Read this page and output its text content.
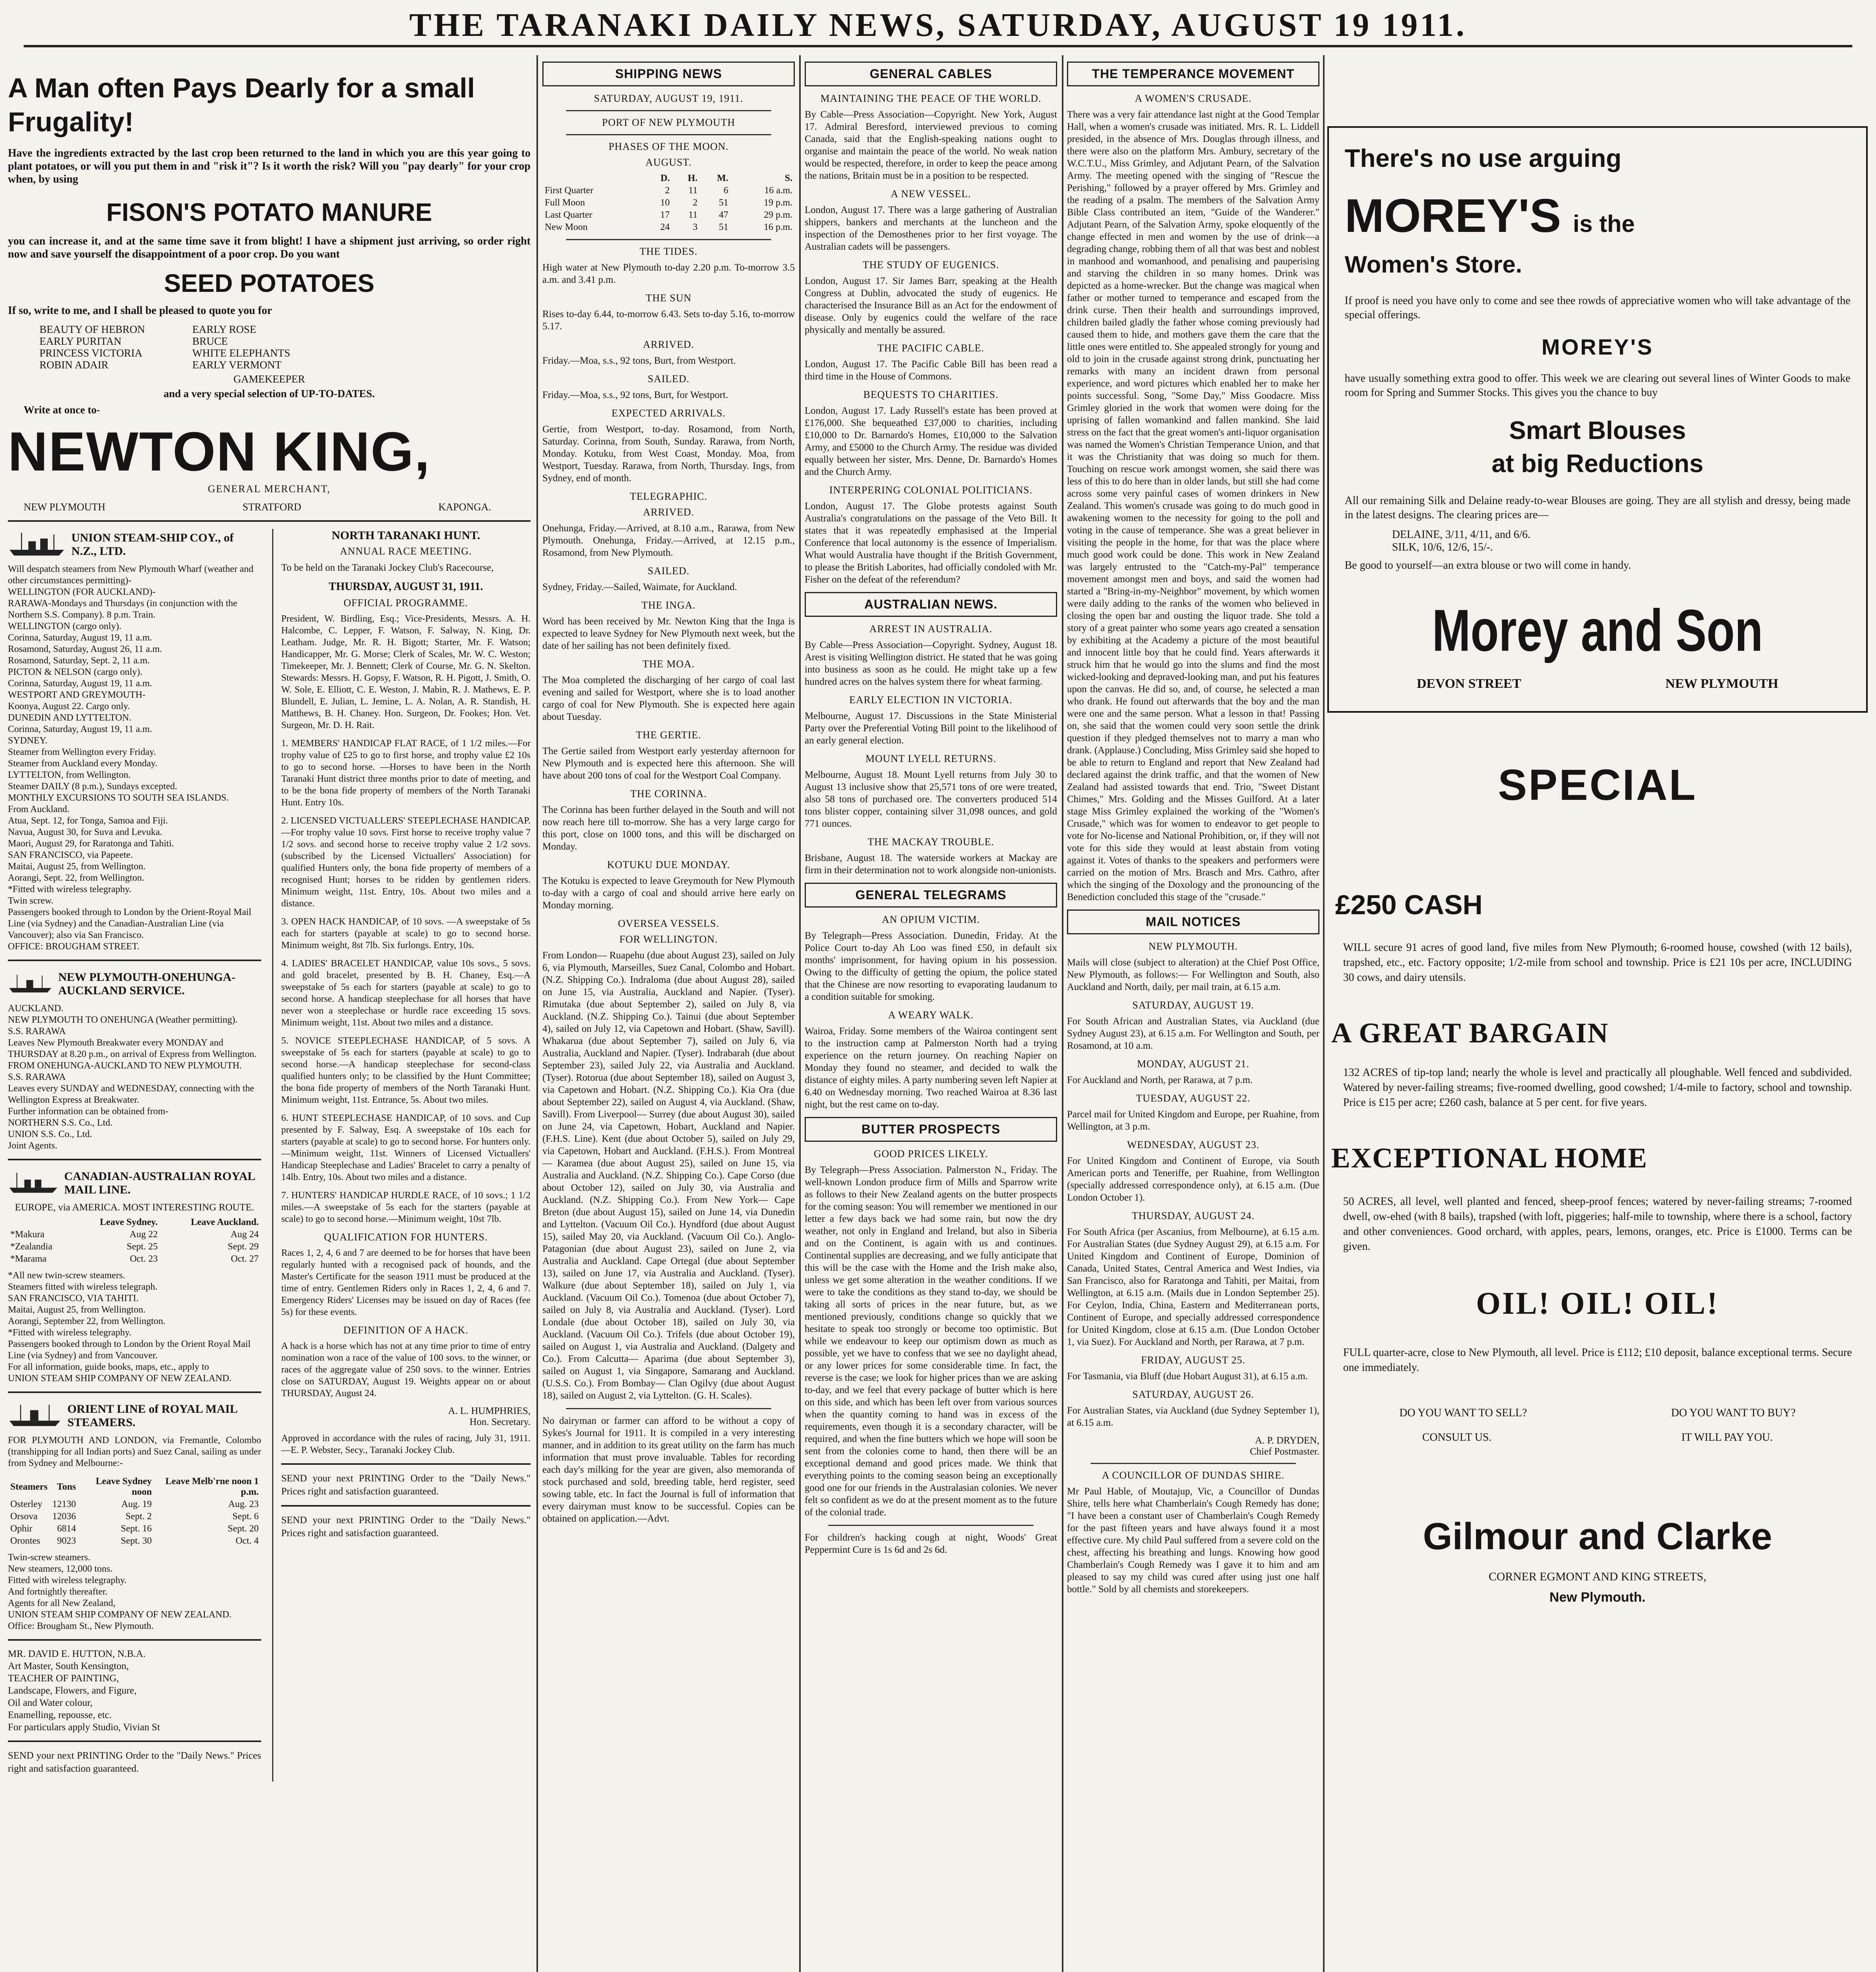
THE TARANAKI DAILY NEWS, SATURDAY, AUGUST 19 1911.
A Man often Pays Dearly for a small Frugality!

Have the ingredients extracted by the last crop been returned to the land in which you are this year going to plant potatoes, or will you put them in and "risk it"? Is it worth the risk? Will you "pay dearly" for your crop when, by using

FISON'S POTATO MANURE

you can increase it, and at the same time save it from blight! I have a shipment just arriving, so order right now and save yourself the disappointment of a poor crop. Do you want

SEED POTATOES

If so, write to me, and I shall be pleased to quote you for

BEAUTY OF HEBRON
EARLY PURITAN
PRINCESS VICTORIA
ROBIN ADAIR
EARLY ROSE
BRUCE
WHITE ELEPHANTS
EARLY VERMONT
GAMEKEEPER
and a very special selection of UP-TO-DATES.
Write at once to-
NEWTON KING,
GENERAL MERCHANT,
NEW PLYMOUTH	STRATFORD	KAPONGA.
UNION STEAM-SHIP COY., of N.Z., LTD.
Will despatch steamers from New Plymouth Wharf (weather and other circumstances permitting)-
WELLINGTON (FOR AUCKLAND)-
RARAWA-Mondays and Thursdays (in conjunction with the Northern S.S. Company). 8 p.m. Train.
WELLINGTON (cargo only).
Corinna, Saturday, August 19, 11 a.m.
Rosamond, Saturday, August 26, 11 a.m.
Rosamond, Saturday, Sept. 2, 11 a.m.
PICTON & NELSON (cargo only).
Corinna, Saturday, August 19, 11 a.m.
WESTPORT AND GREYMOUTH-
Koonya, August 22. Cargo only.
DUNEDIN AND LYTTELTON.
Corinna, Saturday, August 19, 11 a.m.
SYDNEY.
Steamer from Wellington every Friday.
Steamer from Auckland every Monday.
LYTTELTON, from Wellington.
Steamer DAILY (8 p.m.), Sundays excepted.
MONTHLY EXCURSIONS TO SOUTH SEA ISLANDS.
From Auckland.
Atua, Sept. 12, for Tonga, Samoa and Fiji.
Navua, August 30, for Suva and Levuka.
Maori, August 29, for Raratonga and Tahiti.
SAN FRANCISCO, via Papeete.
Maitai, August 25, from Wellington.
Aorangi, Sept. 22, from Wellington.
*Fitted with wireless telegraphy.
Twin screw.
Passengers booked through to London by the Orient-Royal Mail Line (via Sydney) and the Canadian-Australian Line (via Vancouver); also via San Francisco.
OFFICE: BROUGHAM STREET.
NEW PLYMOUTH-ONEHUNGA-AUCKLAND SERVICE.
AUCKLAND.
NEW PLYMOUTH TO ONEHUNGA (Weather permitting).
S.S. RARAWA
Leaves New Plymouth Breakwater every MONDAY and THURSDAY at 8.20 p.m., on arrival of Express from Wellington.
FROM ONEHUNGA-AUCKLAND TO NEW PLYMOUTH.
S.S. RARAWA
Leaves every SUNDAY and WEDNESDAY, connecting with the Wellington Express at Breakwater.
Further information can be obtained from-
NORTHERN S.S. Co., Ltd.
UNION S.S. Co., Ltd.
Joint Agents.
CANADIAN-AUSTRALIAN ROYAL MAIL LINE.
EUROPE, via AMERICA. MOST INTERESTING ROUTE.
	Leave Sydney.	Leave Auckland.
*Makura	Aug 22	Aug 24
*Zealandia	Sept. 25	Sept. 29
*Marama	Oct. 23	Oct. 27
*All new twin-screw steamers.
Steamers fitted with wireless telegraph.
SAN FRANCISCO, VIA TAHITI.
Maitai, August 25, from Wellington.
Aorangi, September 22, from Wellington.
*Fitted with wireless telegraphy.
Passengers booked through to London by the Orient Royal Mail Line (via Sydney) and from Vancouver.
For all information, guide books, maps, etc., apply to
UNION STEAM SHIP COMPANY OF NEW ZEALAND.
ORIENT LINE of ROYAL MAIL STEAMERS.

FOR PLYMOUTH AND LONDON, via Fremantle, Colombo (transhipping for all Indian ports) and Suez Canal, sailing as under from Sydney and Melbourne:-

Steamers	Tons	Leave Sydney noon	Leave Melb'rne noon 1 p.m.
Osterley	12130	Aug. 19	Aug. 23
Orsova	12036	Sept. 2	Sept. 6
Ophir	6814	Sept. 16	Sept. 20
Orontes	9023	Sept. 30	Oct. 4
Twin-screw steamers.
New steamers, 12,000 tons.
Fitted with wireless telegraphy.
And fortnightly thereafter.
Agents for all New Zealand,
UNION STEAM SHIP COMPANY OF NEW ZEALAND.
Office: Brougham St., New Plymouth.
MR. DAVID E. HUTTON, N.B.A.
Art Master, South Kensington,
TEACHER OF PAINTING,
Landscape, Flowers, and Figure,
Oil and Water colour,
Enamelling, repousse, etc.
For particulars apply Studio, Vivian St

SEND your next PRINTING Order to the "Daily News." Prices right and satisfaction guaranteed.

NORTH TARANAKI HUNT.
ANNUAL RACE MEETING.

To be held on the Taranaki Jockey Club's Racecourse,

THURSDAY, AUGUST 31, 1911.
OFFICIAL PROGRAMME.

President, W. Birdling, Esq.; Vice-Presidents, Messrs. A. H. Halcombe, C. Lepper, F. Watson, F. Salway, N. King, Dr. Leatham. Judge, Mr. R. H. Bigott; Starter, Mr. F. Watson; Handicapper, Mr. G. Morse; Clerk of Scales, Mr. W. C. Weston; Timekeeper, Mr. J. Bennett; Clerk of Course, Mr. G. N. Skelton. Stewards: Messrs. H. Gopsy, F. Watson, R. H. Pigott, J. Smith, O. W. Sole, E. Elliott, C. E. Weston, J. Mabin, R. J. Mathews, E. P. Blundell, E. Julian, L. Jemine, L. A. Nolan, A. R. Standish, H. Matthews, B. H. Chaney. Hon. Surgeon, Dr. Fookes; Hon. Vet. Surgeon, Mr. D. H. Rait.

1. MEMBERS' HANDICAP FLAT RACE, of 1 1/2 miles.—For trophy value of £25 to go to first horse, and trophy value £2 10s to go to second horse. —Horses to have been in the North Taranaki Hunt district three months prior to date of meeting, and to be the bona fide property of members of the North Taranaki Hunt. Entry 10s.

2. LICENSED VICTUALLERS' STEEPLECHASE HANDICAP.—For trophy value 10 sovs. First horse to receive trophy value 7 1/2 sovs. and second horse to receive trophy value 2 1/2 sovs. (subscribed by the Licensed Victuallers' Association) for qualified Hunters only, the bona fide property of members of a recognised Hunt; horses to be ridden by gentlemen riders. Minimum weight, 11st. Entry, 10s. About two miles and a distance.

3. OPEN HACK HANDICAP, of 10 sovs. —A sweepstake of 5s each for starters (payable at scale) to go to second horse. Minimum weight, 8st 7lb. Six furlongs. Entry, 10s.

4. LADIES' BRACELET HANDICAP, value 10s sovs., 5 sovs. and gold bracelet, presented by B. H. Chaney, Esq.—A sweepstake of 5s each for starters (payable at scale) to go to second horse. A handicap steeplechase for all horses that have never won a steeplechase or hurdle race exceeding 15 sovs. Minimum weight, 11st. About two miles and a distance.

5. NOVICE STEEPLECHASE HANDICAP, of 5 sovs. A sweepstake of 5s each for starters (payable at scale) to go to second horse.—A handicap steeplechase for second-class qualified hunters only; to be classified by the Hunt Committee; the bona fide property of members of the North Taranaki Hunt. Minimum weight, 11st. Entrance, 5s. About two miles.

6. HUNT STEEPLECHASE HANDICAP, of 10 sovs. and Cup presented by F. Salway, Esq. A sweepstake of 10s each for starters (payable at scale) to go to second horse. For hunters only.—Minimum weight, 11st. Winners of Licensed Victuallers' Handicap Steeplechase and Ladies' Bracelet to carry a penalty of 14lb. Entry, 10s. About two miles and a distance.

7. HUNTERS' HANDICAP HURDLE RACE, of 10 sovs.; 1 1/2 miles.—A sweepstake of 5s each for the starters (payable at scale) to go to second horse.—Minimum weight, 10st 7lb.

QUALIFICATION FOR HUNTERS.

Races 1, 2, 4, 6 and 7 are deemed to be for horses that have been regularly hunted with a recognised pack of hounds, and the Master's Certificate for the season 1911 must be produced at the time of entry. Gentlemen Riders only in Races 1, 2, 4, 6 and 7. Emergency Riders' Licenses may be issued on day of Races (fee 5s) for these events.

DEFINITION OF A HACK.

A hack is a horse which has not at any time prior to time of entry nomination won a race of the value of 100 sovs. to the winner, or races of the aggregate value of 250 sovs. to the winner. Entries close on SATURDAY, August 19. Weights appear on or about THURSDAY, August 24.

A. L. HUMPHRIES,
Hon. Secretary.

Approved in accordance with the rules of racing, July 31, 1911.—E. P. Webster, Secy., Taranaki Jockey Club.

SEND your next PRINTING Order to the "Daily News." Prices right and satisfaction guaranteed.

SEND your next PRINTING Order to the "Daily News." Prices right and satisfaction guaranteed.

SHIPPING NEWS
SATURDAY, AUGUST 19, 1911.
PORT OF NEW PLYMOUTH
PHASES OF THE MOON.
AUGUST.
	D.	H.	M.	S.
First Quarter	2	11	6	16 a.m.
Full Moon	10	2	51	19 p.m.
Last Quarter	17	11	47	29 p.m.
New Moon	24	3	51	16 p.m.
THE TIDES.

High water at New Plymouth to-day 2.20 p.m. To-morrow 3.5 a.m. and 3.41 p.m.

THE SUN

Rises to-day 6.44, to-morrow 6.43. Sets to-day 5.16, to-morrow 5.17.

ARRIVED.

Friday.—Moa, s.s., 92 tons, Burt, from Westport.

SAILED.

Friday.—Moa, s.s., 92 tons, Burt, for Westport.

EXPECTED ARRIVALS.

Gertie, from Westport, to-day. Rosamond, from North, Saturday. Corinna, from South, Sunday. Rarawa, from North, Monday. Kotuku, from West Coast, Monday. Moa, from Westport, Tuesday. Rarawa, from North, Thursday. Ings, from Sydney, end of month.

TELEGRAPHIC.
ARRIVED.

Onehunga, Friday.—Arrived, at 8.10 a.m., Rarawa, from New Plymouth. Onehunga, Friday.—Arrived, at 12.15 p.m., Rosamond, from New Plymouth.

SAILED.

Sydney, Friday.—Sailed, Waimate, for Auckland.

THE INGA.

Word has been received by Mr. Newton King that the Inga is expected to leave Sydney for New Plymouth next week, but the date of her sailing has not been definitely fixed.

THE MOA.

The Moa completed the discharging of her cargo of coal last evening and sailed for Westport, where she is to load another cargo of coal for New Plymouth. She is expected here again about Tuesday.

THE GERTIE.

The Gertie sailed from Westport early yesterday afternoon for New Plymouth and is expected here this afternoon. She will have about 200 tons of coal for the Westport Coal Company.

THE CORINNA.

The Corinna has been further delayed in the South and will not now reach here till to-morrow. She has a very large cargo for this port, close on 1000 tons, and this will be discharged on Monday.

KOTUKU DUE MONDAY.

The Kotuku is expected to leave Greymouth for New Plymouth to-day with a cargo of coal and should arrive here early on Monday morning.

OVERSEA VESSELS.
FOR WELLINGTON.

From London— Ruapehu (due about August 23), sailed on July 6, via Plymouth, Marseilles, Suez Canal, Colombo and Hobart. (N.Z. Shipping Co.). Indraloma (due about August 28), sailed on June 15, via Australia, Auckland and Napier. (Tyser). Rimutaka (due about September 2), sailed on July 8, via Auckland. (N.Z. Shipping Co.). Tainui (due about September 4), sailed on July 12, via Capetown and Hobart. (Shaw, Savill). Whakarua (due about September 7), sailed on July 6, via Australia, Auckland and Napier. (Tyser). Indrabarah (due about September 23), sailed July 22, via Australia and Auckland. (Tyser). Rotorua (due about September 18), sailed on August 3, via Capetown and Hobart. (N.Z. Shipping Co.). Kia Ora (due about September 22), sailed on August 4, via Auckland. (Shaw, Savill). From Liverpool— Surrey (due about August 30), sailed on June 24, via Capetown, Hobart, Auckland and Napier. (F.H.S. Line). Kent (due about October 5), sailed on July 29, via Capetown, Hobart and Auckland. (F.H.S.). From Montreal— Karamea (due about August 25), sailed on June 15, via Australia and Auckland. (N.Z. Shipping Co.). Cape Corso (due about October 12), sailed on July 30, via Australia and Auckland. (N.Z. Shipping Co.). From New York— Cape Breton (due about August 15), sailed on June 14, via Dunedin and Lyttelton. (Vacuum Oil Co.). Hyndford (due about August 15), sailed May 20, via Auckland. (Vacuum Oil Co.). Anglo-Patagonian (due about August 23), sailed on June 2, via Australia and Auckland. Cape Ortegal (due about September 13), sailed on June 17, via Australia and Auckland. (Tyser). Walkure (due about September 18), sailed on July 1, via Auckland. (Vacuum Oil Co.). Tomenoa (due about October 7), sailed on July 8, via Australia and Auckland. (Tyser). Lord Londale (due about October 18), sailed on July 30, via Auckland. (Vacuum Oil Co.). Trifels (due about October 19), sailed on August 1, via Australia and Auckland. (Dalgety and Co.). From Calcutta— Aparima (due about September 3), sailed on August 1, via Singapore, Samarang and Auckland. (U.S.S. Co.). From Bombay— Clan Ogilvy (due about August 18), sailed on August 2, via Lyttelton. (G. H. Scales).

No dairyman or farmer can afford to be without a copy of Sykes's Journal for 1911. It is compiled in a very interesting manner, and in addition to its great utility on the farm has much information that must prove invaluable. Tables for recording each day's milking for the year are given, also memoranda of stock purchased and sold, breeding table, herd register, seed sowing table, etc. In fact the Journal is full of information that every dairyman must know to be successful. Copies can be obtained on application.—Advt.

GENERAL CABLES
MAINTAINING THE PEACE OF THE WORLD.

By Cable—Press Association—Copyright. New York, August 17. Admiral Beresford, interviewed previous to coming Canada, said that the English-speaking nations ought to organise and maintain the peace of the world. No weak nation would be respected, therefore, in order to keep the peace among the nations, Britain must be in a position to be respected.

A NEW VESSEL.

London, August 17. There was a large gathering of Australian shippers, bankers and merchants at the luncheon and the inspection of the Demosthenes prior to her first voyage. The Australian cadets will be passengers.

THE STUDY OF EUGENICS.

London, August 17. Sir James Barr, speaking at the Health Congress at Dublin, advocated the study of eugenics. He characterised the Insurance Bill as an Act for the endowment of disease. Only by eugenics could the welfare of the race physically and mentally be assured.

THE PACIFIC CABLE.

London, August 17. The Pacific Cable Bill has been read a third time in the House of Commons.

BEQUESTS TO CHARITIES.

London, August 17. Lady Russell's estate has been proved at £176,000. She bequeathed £37,000 to charities, including £10,000 to Dr. Barnardo's Homes, £10,000 to the Salvation Army, and £5000 to the Church Army. The residue was divided equally between her sister, Mrs. Denne, Dr. Barnardo's Homes and the Church Army.

INTERPERING COLONIAL POLITICIANS.

London, August 17. The Globe protests against South Australia's congratulations on the passage of the Veto Bill. It states that it was repeatedly emphasised at the Imperial Conference that local autonomy is the essence of Imperialism. What would Australia have thought if the British Government, to please the British Laborites, had officially condoled with Mr. Fisher on the defeat of the referendum?

AUSTRALIAN NEWS.
ARREST IN AUSTRALIA.

By Cable—Press Association—Copyright. Sydney, August 18. Arest is visiting Wellington district. He stated that he was going into business as soon as he could. He might take up a few hundred acres on the halves system there for wheat farming.

EARLY ELECTION IN VICTORIA.

Melbourne, August 17. Discussions in the State Ministerial Party over the Preferential Voting Bill point to the likelihood of an early general election.

MOUNT LYELL RETURNS.

Melbourne, August 18. Mount Lyell returns from July 30 to August 13 inclusive show that 25,571 tons of ore were treated, also 58 tons of purchased ore. The converters produced 514 tons blister copper, containing silver 31,098 ounces, and gold 771 ounces.

THE MACKAY TROUBLE.

Brisbane, August 18. The waterside workers at Mackay are firm in their determination not to work alongside non-unionists.

GENERAL TELEGRAMS
AN OPIUM VICTIM.

By Telegraph—Press Association. Dunedin, Friday. At the Police Court to-day Ah Loo was fined £50, in default six months' imprisonment, for having opium in his possession. Owing to the difficulty of getting the opium, the police stated that the Chinese are now resorting to evaporating laudanum to a condition suitable for smoking.

A WEARY WALK.

Wairoa, Friday. Some members of the Wairoa contingent sent to the instruction camp at Palmerston North had a trying experience on the return journey. On reaching Napier on Monday they found no steamer, and decided to walk the distance of eighty miles. A party numbering seven left Napier at 6.40 on Wednesday morning. Two reached Wairoa at 8.36 last night, but the rest came on to-day.

BUTTER PROSPECTS
GOOD PRICES LIKELY.

By Telegraph—Press Association. Palmerston N., Friday. The well-known London produce firm of Mills and Sparrow write as follows to their New Zealand agents on the butter prospects for the coming season: You will remember we mentioned in our letter a few days back we had some rain, but now the dry weather, not only in England and Ireland, but also in Siberia and on the Continent, is again with us and continues. Continental supplies are decreasing, and we fully anticipate that this will be the case with the Home and the Irish make also, unless we get some alteration in the weather conditions. If we were to take the conditions as they stand to-day, we should be taking all sorts of prices in the near future, but, as we mentioned previously, conditions change so quickly that we hesitate to speak too strongly or become too optimistic. But while we endeavour to keep our optimism down as much as possible, yet we have to confess that we see no daylight ahead, or any lower prices for some considerable time. In fact, the reverse is the case; we look for higher prices than we are asking to-day, and we feel that every package of butter which is here on this side, and which has been left over from various sources when the quantity coming to hand was in excess of the requirements, even though it is a secondary character, will be required, and when the fine butters which we hope will soon be sent from the colonies come to hand, then there will be an exceptional demand and good prices made. We think that everything points to the coming season being an exceptionally good one for our friends in the Australasian colonies. We never felt so confident as we do at the present moment as to the future of the colonial trade.

For children's hacking cough at night, Woods' Great Peppermint Cure is 1s 6d and 2s 6d.

THE TEMPERANCE MOVEMENT
A WOMEN'S CRUSADE.

There was a very fair attendance last night at the Good Templar Hall, when a women's crusade was initiated. Mrs. R. L. Liddell presided, in the absence of Mrs. Douglas through illness, and there were also on the platform Mrs. Ambury, secretary of the W.C.T.U., Miss Grimley, and Adjutant Pearn, of the Salvation Army. The meeting opened with the singing of "Rescue the Perishing," followed by a prayer offered by Mrs. Grimley and the reading of a psalm. The members of the Salvation Army Bible Class contributed an item, "Guide of the Wanderer." Adjutant Pearn, of the Salvation Army, spoke eloquently of the change effected in men and women by the use of drink—a degrading change, robbing them of all that was best and noblest in manhood and womanhood, and penalising and pauperising and starving the children in so many homes. Drink was depicted as a home-wrecker. But the change was magical when father or mother turned to temperance and escaped from the drink curse. Then their health and surroundings improved, children bailed gladly the father whose coming previously had caused them to hide, and mothers gave them the care that the little ones were entitled to. She appealed strongly for young and old to join in the crusade against strong drink, punctuating her remarks with many an incident drawn from personal experience, and word pictures which enabled her to make her points successful. Song, "Some Day," Miss Goodacre. Miss Grimley gloried in the work that women were doing for the uprising of fallen womankind and fallen mankind. She laid stress on the fact that the great women's anti-liquor organisation was named the Women's Christian Temperance Union, and that it was the Christianity that was doing so much for them. Touching on rescue work amongst women, she said there was less of this to do here than in older lands, but still she had come across some very painful cases of women drinkers in New Zealand. This women's crusade was going to do much good in awakening women to the necessity for going to the poll and voting in the cause of temperance. She was a great believer in visiting the people in the home, for that was the place where much good work could be done. This work in New Zealand was largely entrusted to the "Catch-my-Pal" temperance movement amongst men and boys, and said the women had started a "Bring-in-my-Neighbor" movement, by which women were daily adding to the ranks of the women who believed in closing the open bar and ousting the liquor trade. She told a story of a great painter who some years ago created a sensation by exhibiting at the Academy a picture of the most beautiful and innocent little boy that he could find. Years afterwards it struck him that he would go into the slums and find the most wicked-looking and depraved-looking man, and put his features upon the canvas. He did so, and, of course, he selected a man who drank. He found out afterwards that the boy and the man were one and the same person. What a lesson in that! Passing on, she said that the women could very soon settle the drink question if they pledged themselves not to marry a man who drank. (Applause.) Concluding, Miss Grimley said she hoped to be able to return to England and report that New Zealand had declared against the drink traffic, and that the women of New Zealand had assisted towards that end. Trio, "Sweet Distant Chimes," Mrs. Golding and the Misses Guilford. At a later stage Miss Grimley explained the working of the "Women's Crusade," which was for women to endeavor to get people to vote for No-license and National Prohibition, or, if they will not vote for this side they would at least abstain from voting against it. Votes of thanks to the speakers and performers were carried on the motion of Mrs. Brasch and Mrs. Cathro, after which the singing of the Doxology and the pronouncing of the Benediction concluded this stage of the "crusade."

MAIL NOTICES
NEW PLYMOUTH.

Mails will close (subject to alteration) at the Chief Post Office, New Plymouth, as follows:— For Wellington and South, also Auckland and North, daily, per mail train, at 6.15 a.m.

SATURDAY, AUGUST 19.

For South African and Australian States, via Auckland (due Sydney August 23), at 6.15 a.m. For Wellington and South, per Rosamond, at 10 a.m.

MONDAY, AUGUST 21.

For Auckland and North, per Rarawa, at 7 p.m.

TUESDAY, AUGUST 22.

Parcel mail for United Kingdom and Europe, per Ruahine, from Wellington, at 3 p.m.

WEDNESDAY, AUGUST 23.

For United Kingdom and Continent of Europe, via South American ports and Teneriffe, per Ruahine, from Wellington (specially addressed correspondence only), at 6.15 a.m. (Due London October 1).

THURSDAY, AUGUST 24.

For South Africa (per Ascanius, from Melbourne), at 6.15 a.m. For Australian States (due Sydney August 29), at 6.15 a.m. For United Kingdom and Continent of Europe, Dominion of Canada, United States, Central America and West Indies, via San Francisco, also for Raratonga and Tahiti, per Maitai, from Wellington, at 6.15 a.m. (Mails due in London September 25). For Ceylon, India, China, Eastern and Mediterranean ports, Continent of Europe, and specially addressed correspondence for United Kingdom, close at 6.15 a.m. (Due London October 1, via Suez). For Auckland and North, per Rarawa, at 7 p.m.

FRIDAY, AUGUST 25.

For Tasmania, via Bluff (due Hobart August 31), at 6.15 a.m.

SATURDAY, AUGUST 26.

For Australian States, via Auckland (due Sydney September 1), at 6.15 a.m.

A. P. DRYDEN,
Chief Postmaster.
A COUNCILLOR OF DUNDAS SHIRE.

Mr Paul Hable, of Moutajup, Vic, a Councillor of Dundas Shire, tells here what Chamberlain's Cough Remedy has done; "I have been a constant user of Chamberlain's Cough Remedy for the past fifteen years and have always found it a most effective cure. My child Paul suffered from a severe cold on the chest, affecting his breathing and lungs. Knowing how good Chamberlain's Cough Remedy was I gave it to him and am pleased to say my child was cured after using just one half bottle." Sold by all chemists and storekeepers.

There's no use arguing
MOREY'S is the
Women's Store.

If proof is need you have only to come and see thee rowds of appreciative women who will take advantage of the special offerings.

MOREY'S

have usually something extra good to offer. This week we are clearing out several lines of Winter Goods to make room for Spring and Summer Stocks. This gives you the chance to buy

Smart Blouses
at big Reductions

All our remaining Silk and Delaine ready-to-wear Blouses are going. They are all stylish and dressy, being made in the latest designs. The clearing prices are—

DELAINE, 3/11, 4/11, and 6/6.
SILK, 10/6, 12/6, 15/-.

Be good to yourself—an extra blouse or two will come in handy.

Morey and Son
DEVON STREET	NEW PLYMOUTH
SPECIAL
£250 CASH

WILL secure 91 acres of good land, five miles from New Plymouth; 6-roomed house, cowshed (with 12 bails), trapshed, etc., etc. Factory opposite; 1/2-mile from school and township. Price is £21 10s per acre, INCLUDING 30 cows, and dairy utensils.

A GREAT BARGAIN

132 ACRES of tip-top land; nearly the whole is level and practically all ploughable. Well fenced and subdivided. Watered by never-failing streams; five-roomed dwelling, good cowshed; 1/4-mile to factory, school and township. Price is £15 per acre; £260 cash, balance at 5 per cent. for five years.

EXCEPTIONAL HOME

50 ACRES, all level, well planted and fenced, sheep-proof fences; watered by never-failing streams; 7-roomed dwell, ow-ehed (with 8 bails), trapshed (with loft, piggeries; half-mile to township, where there is a school, factory and other conveniences. Good orchard, with apples, pears, lemons, oranges, etc. Price is £1000. Terms can be given.

OIL! OIL! OIL!

FULL quarter-acre, close to New Plymouth, all level. Price is £112; £10 deposit, balance exceptional terms. Secure one immediately.

DO YOU WANT TO SELL?	DO YOU WANT TO BUY?
CONSULT US.	IT WILL PAY YOU.
Gilmour and Clarke
CORNER EGMONT AND KING STREETS,
New Plymouth.
